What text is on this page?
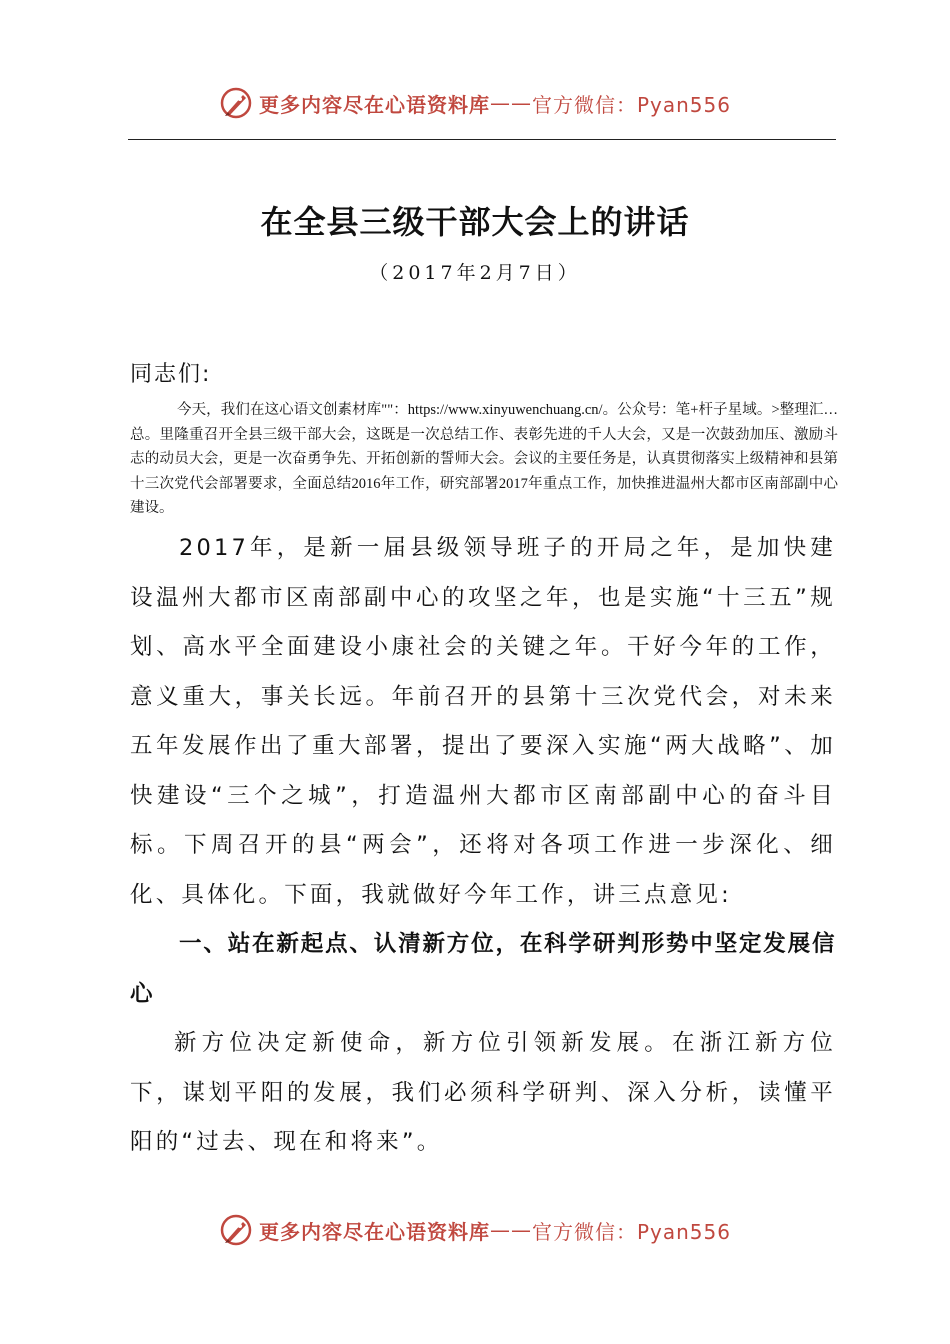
更多内容尽在心语资料库 —— 官方微信：Pyan556
在全县三级干部大会上的讲话
（2017年2月7日）
同志们:
今天，我们在这心语文创素材库""：https://www.xinyuwenchuang.cn/。公众号：笔+杆子星域。>整理汇…总。里隆重召开全县三级干部大会，这既是一次总结工作、表彰先进的千人大会，又是一次鼓劲加压、激励斗志的动员大会，更是一次奋勇争先、开拓创新的誓师大会。会议的主要任务是，认真贯彻落实上级精神和县第十三次党代会部署要求，全面总结2016年工作，研究部署2017年重点工作，加快推进温州大都市区南部副中心建设。
2017年，是新一届县级领导班子的开局之年，是加快建设温州大都市区南部副中心的攻坚之年，也是实施“十三五”规划、高水平全面建设小康社会的关键之年。干好今年的工作，意义重大，事关长远。年前召开的县第十三次党代会，对未来五年发展作出了重大部署，提出了要深入实施“两大战略”、加快建设“三个之城”，打造温州大都市区南部副中心的奋斗目标。下周召开的县“两会”，还将对各项工作进一步深化、细化、具体化。下面，我就做好今年工作，讲三点意见:
一、站在新起点、认清新方位，在科学研判形势中坚定发展信心
新方位决定新使命，新方位引领新发展。在浙江新方位下，谋划平阳的发展，我们必须科学研判、深入分析，读懂平阳的“过去、现在和将来”。
更多内容尽在心语资料库 —— 官方微信：Pyan556
